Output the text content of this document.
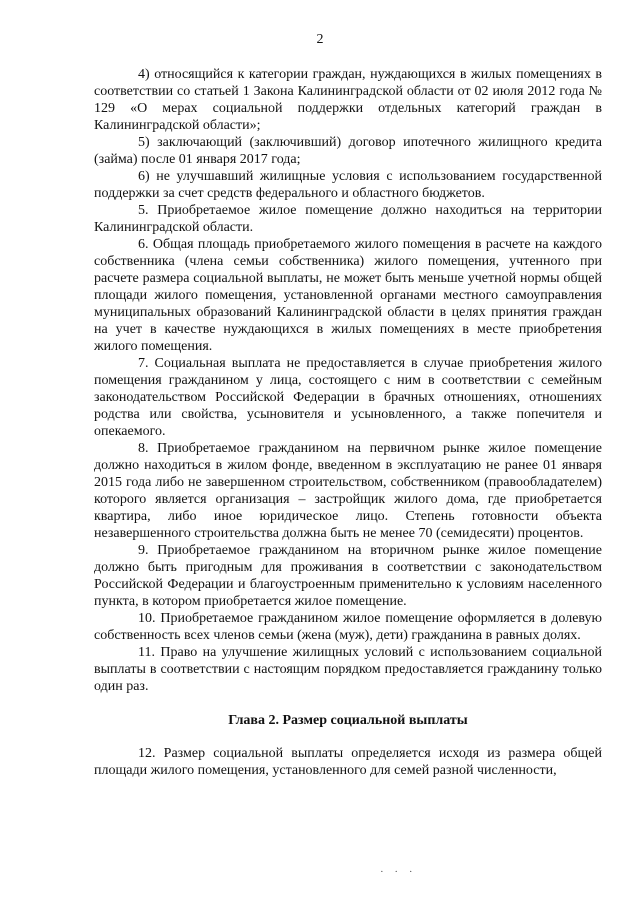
2

4) относящийся к категории граждан, нуждающихся в жилых помещениях в соответствии со статьей 1 Закона Калининградской области от 02 июля 2012 года № 129 «О мерах социальной поддержки отдельных категорий граждан в Калининградской области»;

5) заключающий (заключивший) договор ипотечного жилищного кредита (займа) после 01 января 2017 года;

6) не улучшавший жилищные условия с использованием государственной поддержки за счет средств федерального и областного бюджетов.

5. Приобретаемое жилое помещение должно находиться на территории Калининградской области.

6. Общая площадь приобретаемого жилого помещения в расчете на каждого собственника (члена семьи собственника) жилого помещения, учтенного при расчете размера социальной выплаты, не может быть меньше учетной нормы общей площади жилого помещения, установленной органами местного самоуправления муниципальных образований Калининградской области в целях принятия граждан на учет в качестве нуждающихся в жилых помещениях в месте приобретения жилого помещения.

7. Социальная выплата не предоставляется в случае приобретения жилого помещения гражданином у лица, состоящего с ним в соответствии с семейным законодательством Российской Федерации в брачных отношениях, отношениях родства или свойства, усыновителя и усыновленного, а также попечителя и опекаемого.

8. Приобретаемое гражданином на первичном рынке жилое помещение должно находиться в жилом фонде, введенном в эксплуатацию не ранее 01 января 2015 года либо не завершенном строительством, собственником (правообладателем) которого является организация – застройщик жилого дома, где приобретается квартира, либо иное юридическое лицо. Степень готовности объекта незавершенного строительства должна быть не менее 70 (семидесяти) процентов.

9. Приобретаемое гражданином на вторичном рынке жилое помещение должно быть пригодным для проживания в соответствии с законодательством Российской Федерации и благоустроенным применительно к условиям населенного пункта, в котором приобретается жилое помещение.

10. Приобретаемое гражданином жилое помещение оформляется в долевую собственность всех членов семьи (жена (муж), дети) гражданина в равных долях.

11. Право на улучшение жилищных условий с использованием социальной выплаты в соответствии с настоящим порядком предоставляется гражданину только один раз.

Глава 2. Размер социальной выплаты

12. Размер социальной выплаты определяется исходя из размера общей площади жилого помещения, установленного для семей разной численности,

· · ·
